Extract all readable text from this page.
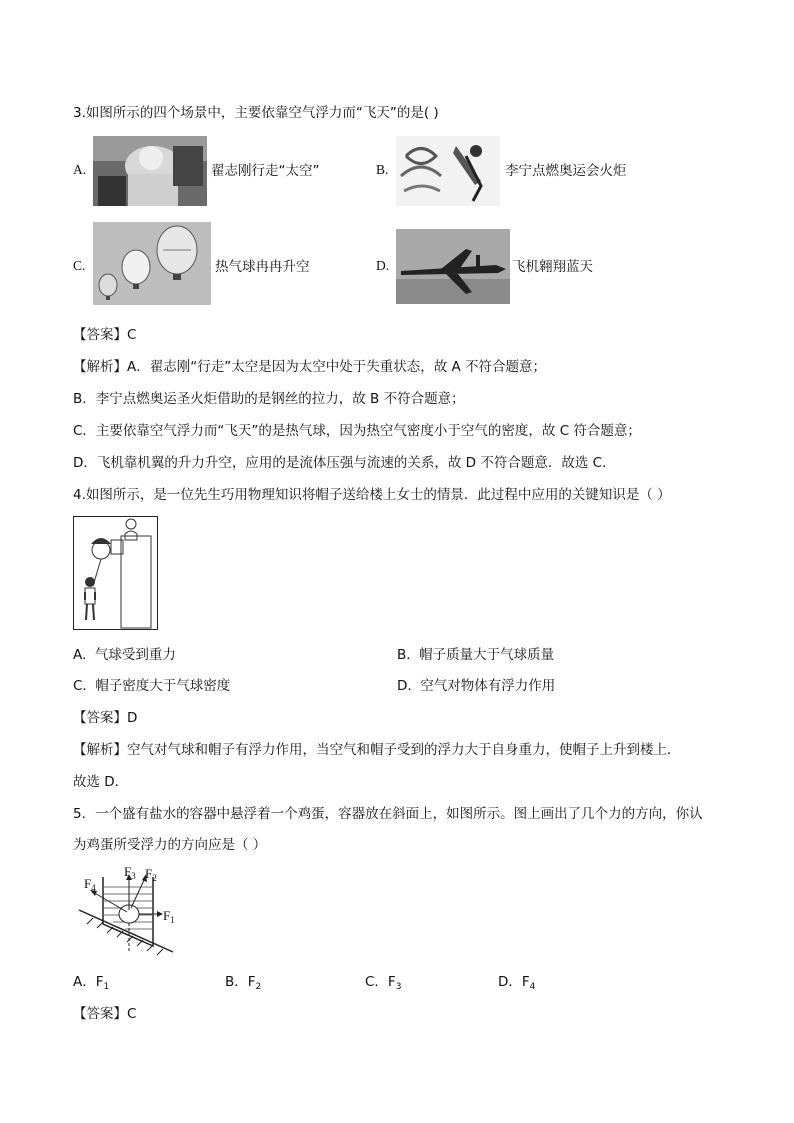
3.如图所示的四个场景中，主要依靠空气浮力而“飞天”的是( )
A.	翟志刚行走“太空”	B.	李宁点燃奥运会火炬
C.	热气球冉冉升空	D.	飞机翱翔蓝天
【答案】C
【解析】A．翟志刚“行走”太空是因为太空中处于失重状态，故 A 不符合题意；
B．李宁点燃奥运圣火炬借助的是钢丝的拉力，故 B 不符合题意；
C．主要依靠空气浮力而“飞天”的是热气球，因为热空气密度小于空气的密度，故 C 符合题意；
D．飞机靠机翼的升力升空，应用的是流体压强与流速的关系，故 D 不符合题意．故选 C.
4.如图所示，是一位先生巧用物理知识将帽子送给楼上女士的情景．此过程中应用的关键知识是（ ）
A. 气球受到重力	B. 帽子质量大于气球质量
C. 帽子密度大于气球密度	D. 空气对物体有浮力作用
【答案】D
【解析】空气对气球和帽子有浮力作用，当空气和帽子受到的浮力大于自身重力，使帽子上升到楼上．
故选 D．
5．一个盛有盐水的容器中悬浮着一个鸡蛋，容器放在斜面上，如图所示。图上画出了几个力的方向，你认
为鸡蛋所受浮力的方向应是（ ）
$F_4$
$F_3$ $F_2$
$F_1$
A．$F_1$	B．$F_2$	C．$F_3$	D．$F_4$
【答案】C
